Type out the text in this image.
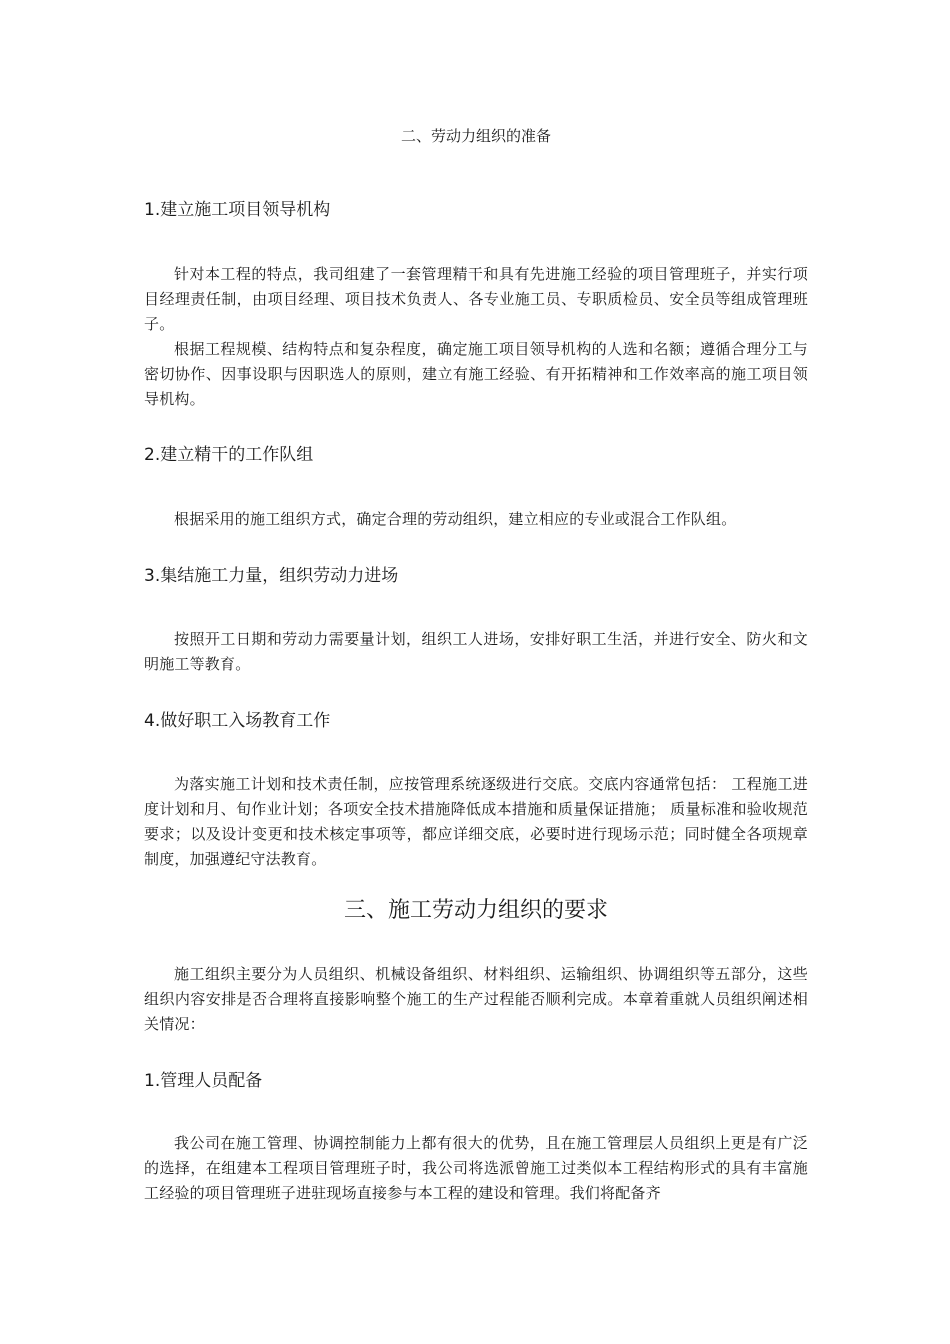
二、劳动力组织的准备
1.建立施工项目领导机构

针对本工程的特点，我司组建了一套管理精干和具有先进施工经验的项目管理班子，并实行项目经理责任制，由项目经理、项目技术负责人、各专业施工员、专职质检员、安全员等组成管理班子。

根据工程规模、结构特点和复杂程度，确定施工项目领导机构的人选和名额；遵循合理分工与密切协作、因事设职与因职选人的原则，建立有施工经验、有开拓精神和工作效率高的施工项目领导机构。

2.建立精干的工作队组

根据采用的施工组织方式，确定合理的劳动组织，建立相应的专业或混合工作队组。

3.集结施工力量，组织劳动力进场

按照开工日期和劳动力需要量计划，组织工人进场，安排好职工生活，并进行安全、防火和文明施工等教育。

4.做好职工入场教育工作

为落实施工计划和技术责任制，应按管理系统逐级进行交底。交底内容通常包括： 工程施工进度计划和月、旬作业计划；各项安全技术措施降低成本措施和质量保证措施； 质量标准和验收规范要求；以及设计变更和技术核定事项等，都应详细交底，必要时进行现场示范；同时健全各项规章制度，加强遵纪守法教育。

三、施工劳动力组织的要求

施工组织主要分为人员组织、机械设备组织、材料组织、运输组织、协调组织等五部分，这些组织内容安排是否合理将直接影响整个施工的生产过程能否顺利完成。本章着重就人员组织阐述相关情况：

1.管理人员配备

我公司在施工管理、协调控制能力上都有很大的优势，且在施工管理层人员组织上更是有广泛的选择，在组建本工程项目管理班子时，我公司将选派曾施工过类似本工程结构形式的具有丰富施工经验的项目管理班子进驻现场直接参与本工程的建设和管理。我们将配备齐
